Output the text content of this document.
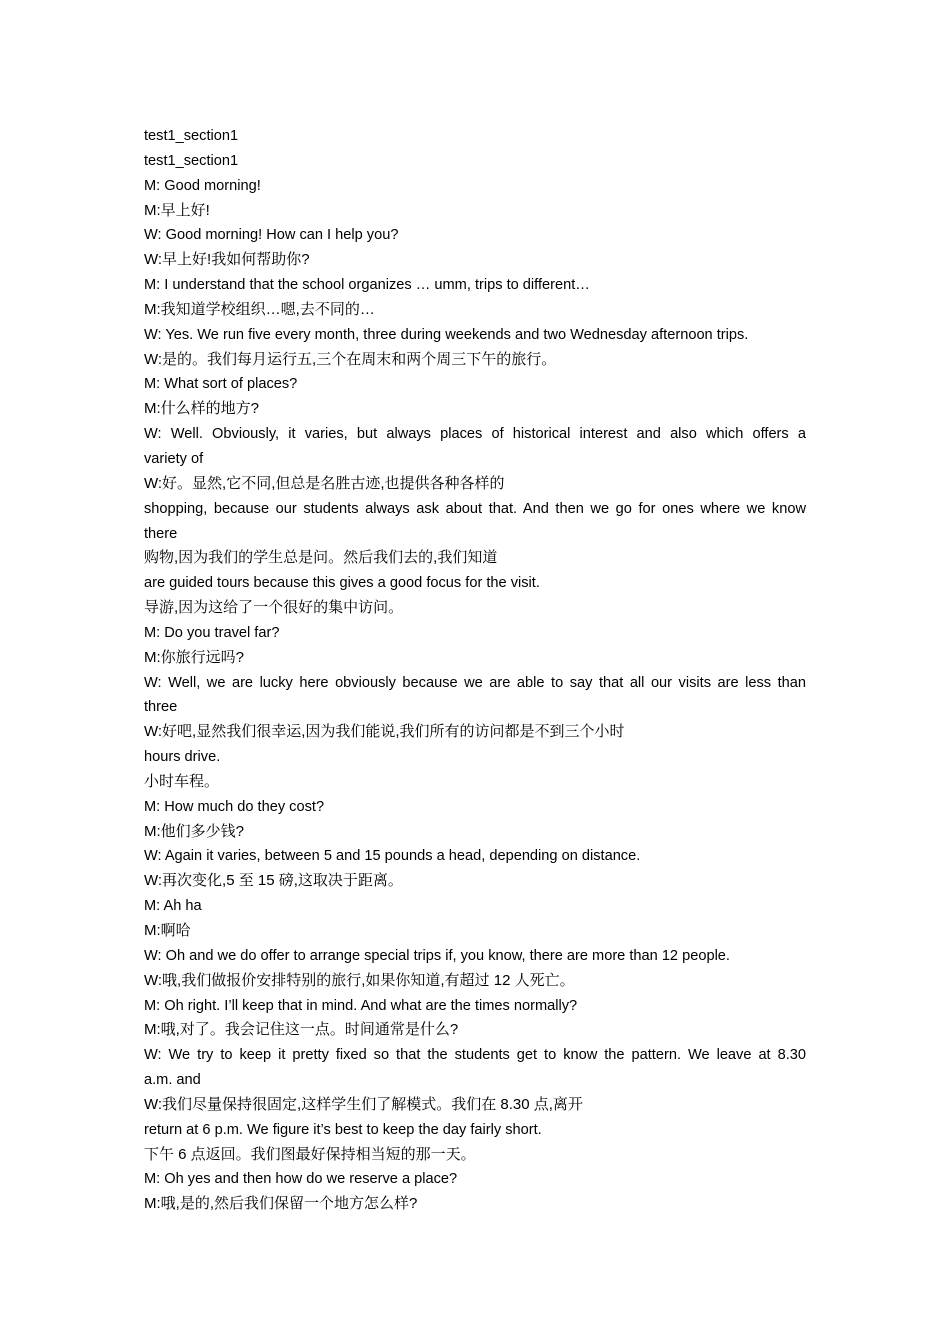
test1_section1
test1_section1
M: Good morning!
M:早上好!
W: Good morning! How can I help you?
W:早上好!我如何帮助你?
M: I understand that the school organizes … umm, trips to different…
M:我知道学校组织…嗯,去不同的…
W: Yes. We run five every month, three during weekends and two Wednesday afternoon trips.
W:是的。我们每月运行五,三个在周末和两个周三下午的旅行。
M: What sort of places?
M:什么样的地方?
W: Well. Obviously, it varies, but always places of historical interest and also which offers a
variety of
W:好。显然,它不同,但总是名胜古迹,也提供各种各样的
shopping, because our students always ask about that. And then we go for ones where we know
there
购物,因为我们的学生总是问。然后我们去的,我们知道
are guided tours because this gives a good focus for the visit.
导游,因为这给了一个很好的集中访问。
M: Do you travel far?
M:你旅行远吗?
W: Well, we are lucky here obviously because we are able to say that all our visits are less than
three
W:好吧,显然我们很幸运,因为我们能说,我们所有的访问都是不到三个小时
hours drive.
小时车程。
M: How much do they cost?
M:他们多少钱?
W: Again it varies, between 5 and 15 pounds a head, depending on distance.
W:再次变化,5 至 15 磅,这取决于距离。
M: Ah ha
M:啊哈
W: Oh and we do offer to arrange special trips if, you know, there are more than 12 people.
W:哦,我们做报价安排特别的旅行,如果你知道,有超过 12 人死亡。
M: Oh right. I’ll keep that in mind. And what are the times normally?
M:哦,对了。我会记住这一点。时间通常是什么?
W: We try to keep it pretty fixed so that the students get to know the pattern. We leave at 8.30
a.m. and
W:我们尽量保持很固定,这样学生们了解模式。我们在 8.30 点,离开
return at 6 p.m. We figure it’s best to keep the day fairly short.
下午 6 点返回。我们图最好保持相当短的那一天。
M: Oh yes and then how do we reserve a place?
M:哦,是的,然后我们保留一个地方怎么样?
